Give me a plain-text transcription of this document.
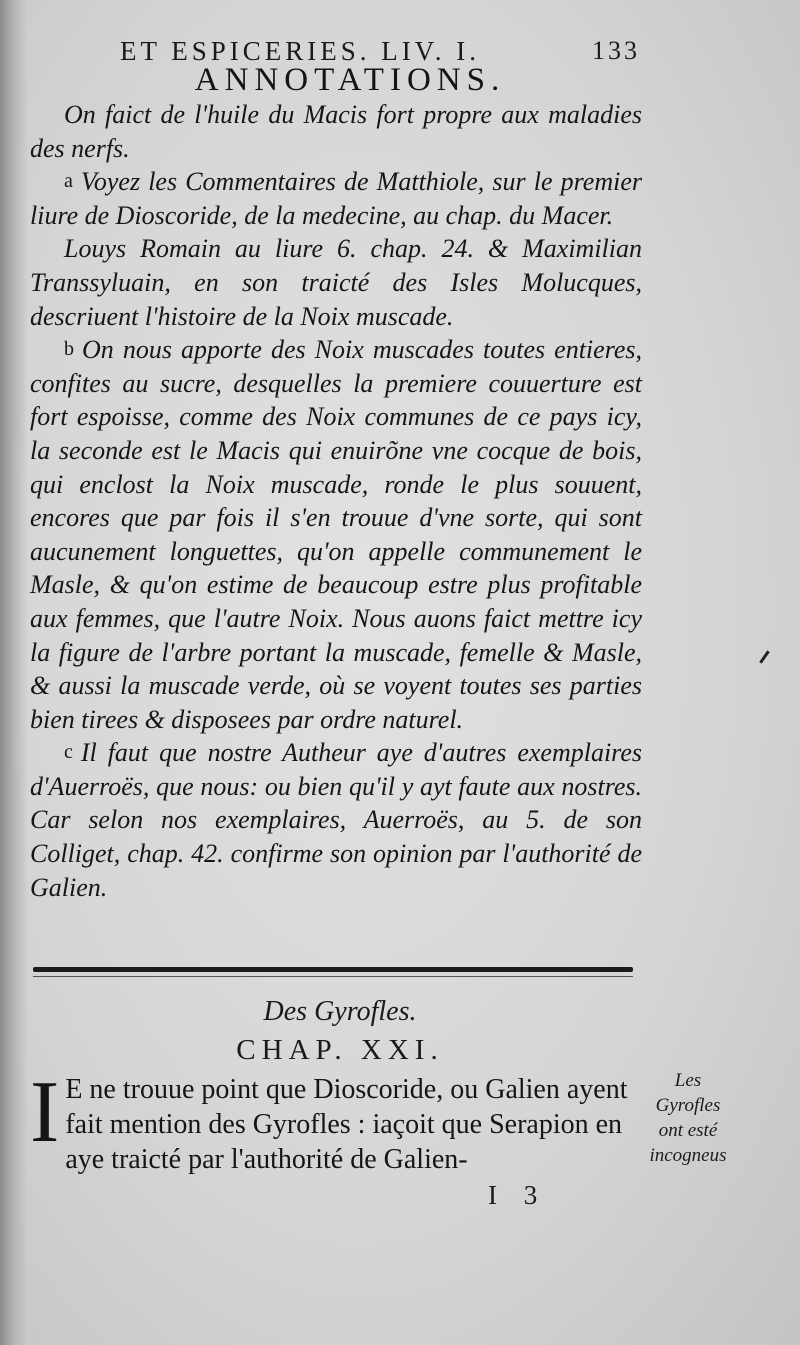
ET ESPICERIES. LIV. I.	133
ANNOTATIONS.

On faict de l'huile du Macis fort propre aux maladies des nerfs.

a Voyez les Commentaires de Matthiole, sur le premier liure de Dioscoride, de la medecine, au chap. du Macer.

Louys Romain au liure 6. chap. 24. & Maximilian Transsyluain, en son traicté des Isles Molucques, descriuent l'histoire de la Noix muscade.

b On nous apporte des Noix muscades toutes entieres, confites au sucre, desquelles la premiere couuerture est fort espoisse, comme des Noix communes de ce pays icy, la seconde est le Macis qui enuirõne vne cocque de bois, qui enclost la Noix muscade, ronde le plus souuent, encores que par fois il s'en trouue d'vne sorte, qui sont aucunement longuettes, qu'on appelle communement le Masle, & qu'on estime de beaucoup estre plus profitable aux femmes, que l'autre Noix. Nous auons faict mettre icy la figure de l'arbre portant la muscade, femelle & Masle, & aussi la muscade verde, où se voyent toutes ses parties bien tirees & disposees par ordre naturel.

c Il faut que nostre Autheur aye d'autres exemplaires d'Auerroës, que nous: ou bien qu'il y ayt faute aux nostres. Car selon nos exemplaires, Auerroës, au 5. de son Colliget, chap. 42. confirme son opinion par l'authorité de Galien.

Des Gyrofles.
CHAP. XXI.
I E ne trouue point que Dioscoride, ou Galien ayent fait mention des Gyrofles : iaçoit que Serapion en aye traicté par l'authorité de Galien-
Les Gyrofles ont esté incogneus
I 3
